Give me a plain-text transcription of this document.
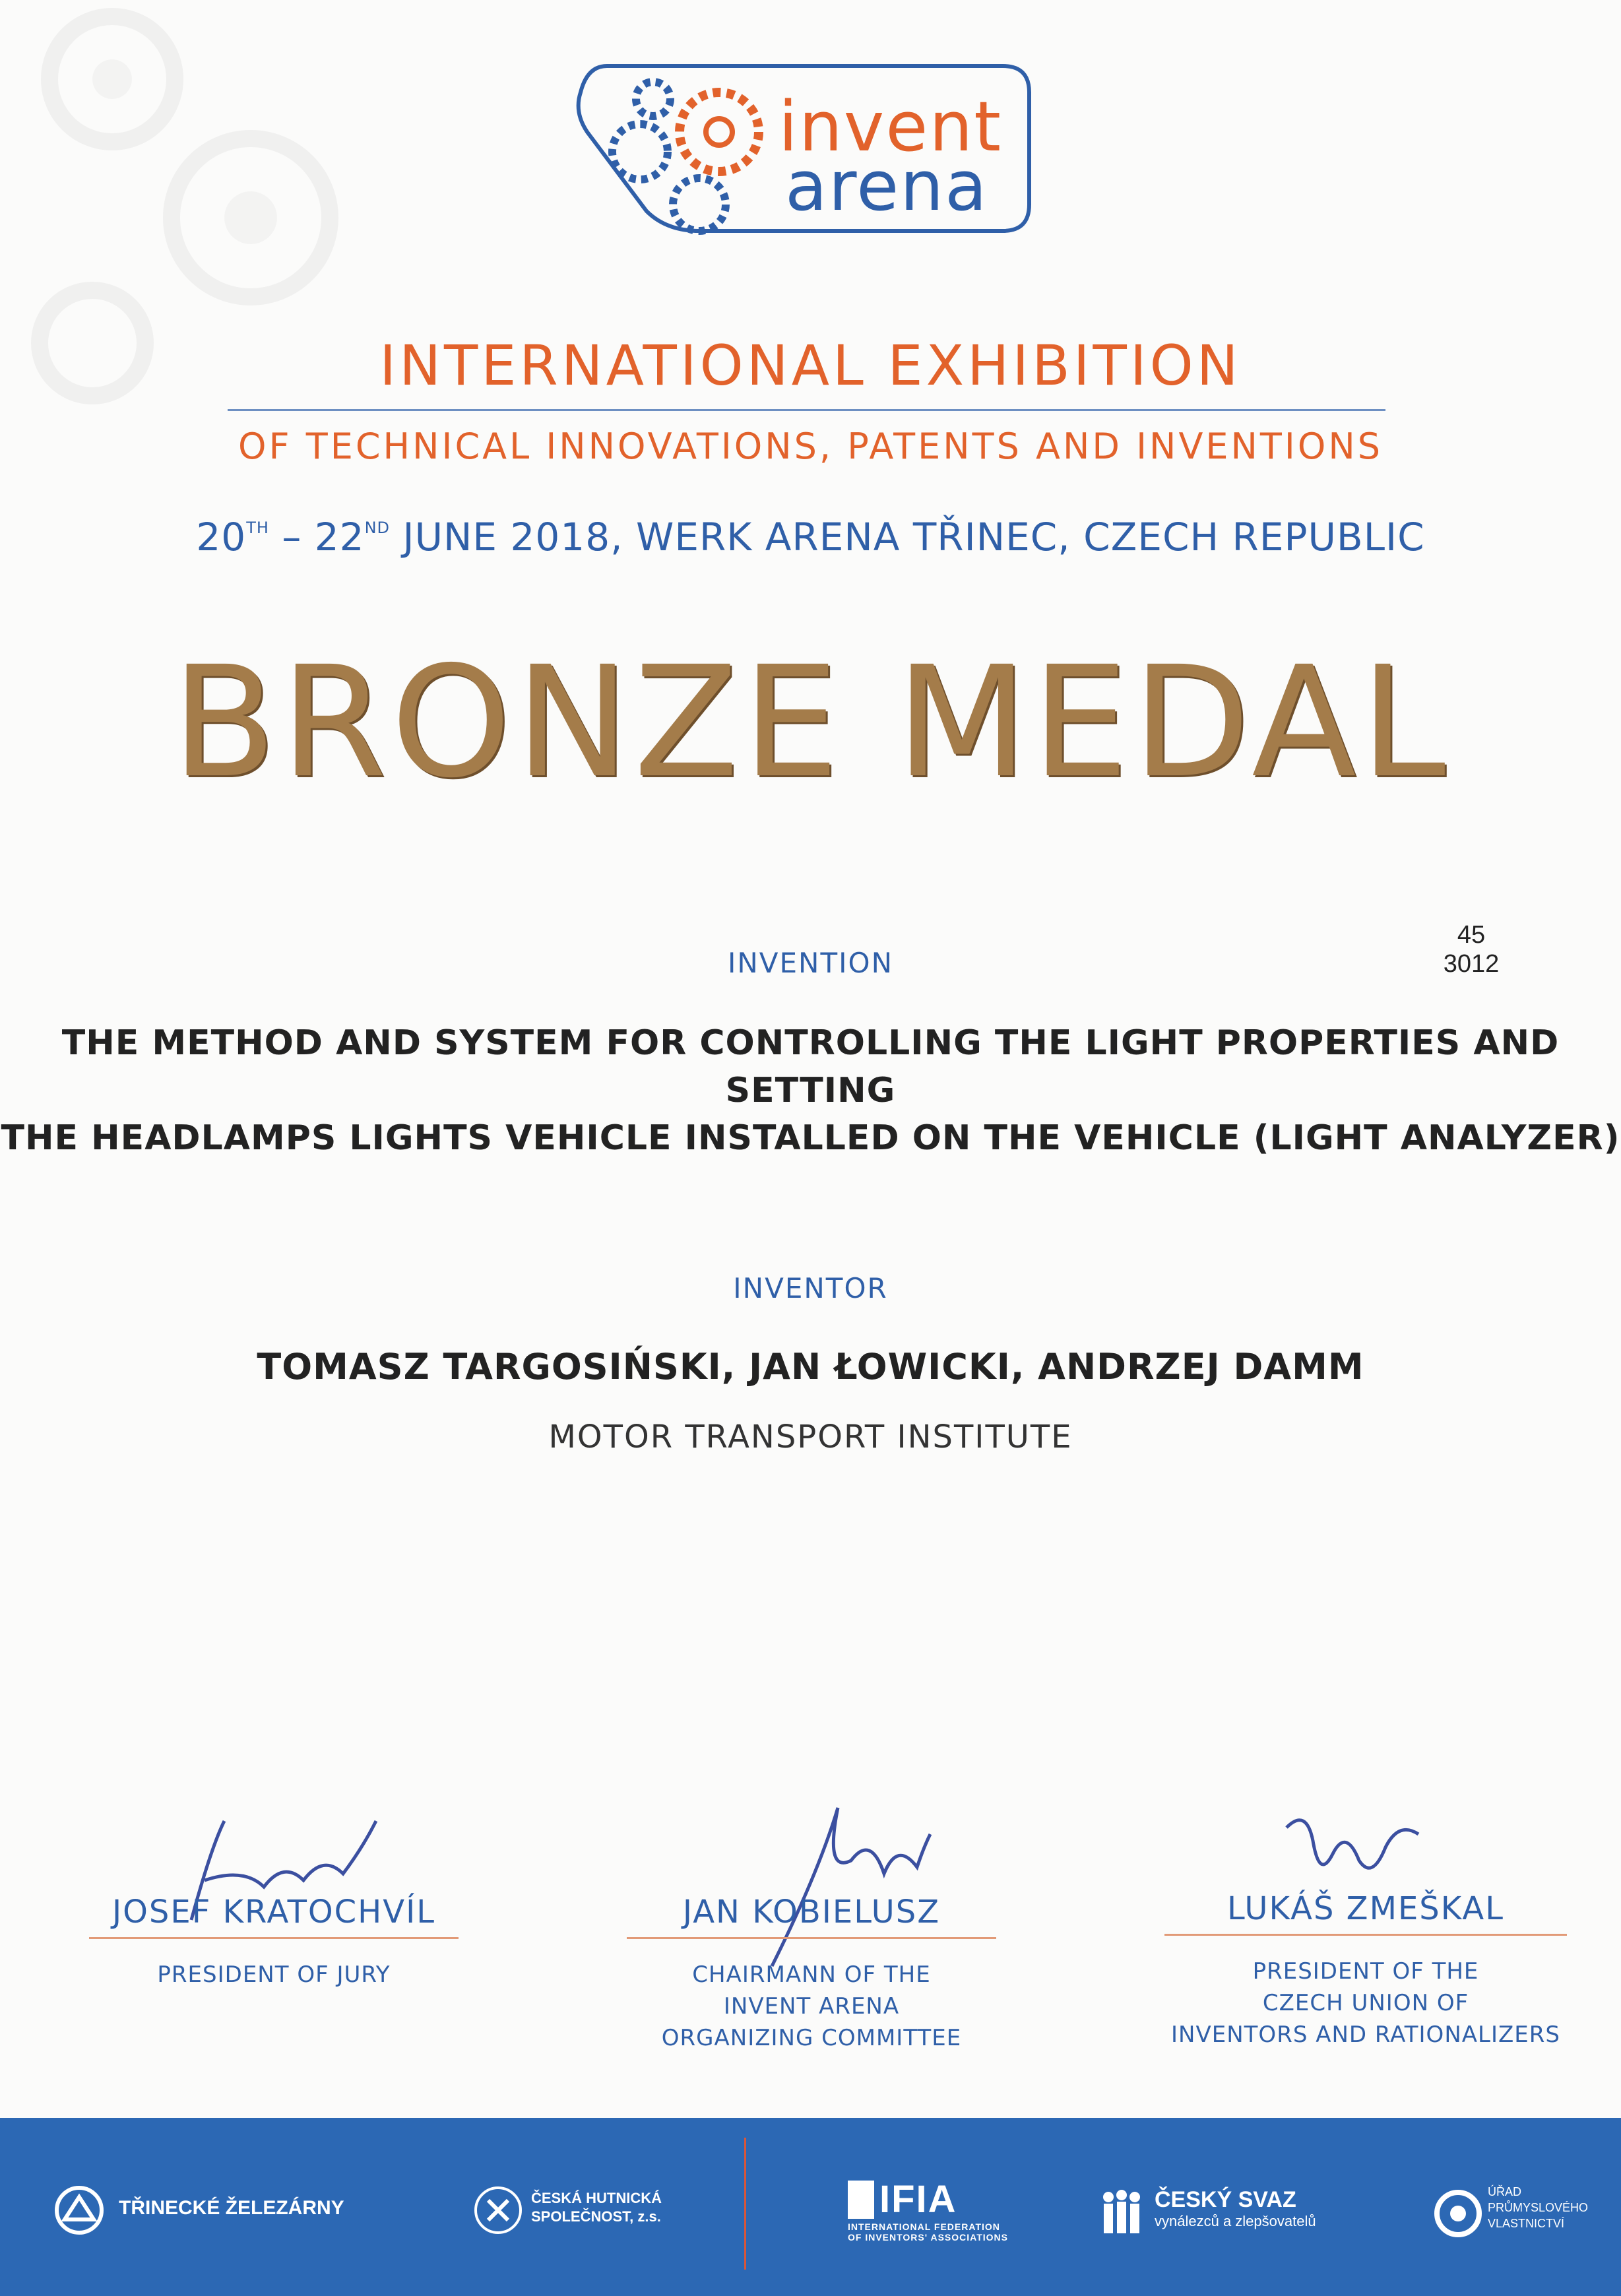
invent
arena
INTERNATIONAL EXHIBITION
OF TECHNICAL INNOVATIONS, PATENTS AND INVENTIONS
20TH – 22ND JUNE 2018, WERK ARENA TŘINEC, CZECH REPUBLIC
BRONZE MEDAL
INVENTION
45
3012
THE METHOD AND SYSTEM FOR CONTROLLING THE LIGHT PROPERTIES AND SETTING
THE HEADLAMPS LIGHTS VEHICLE INSTALLED ON THE VEHICLE (LIGHT ANALYZER)
INVENTOR
TOMASZ TARGOSIŃSKI, JAN ŁOWICKI, ANDRZEJ DAMM
MOTOR TRANSPORT INSTITUTE
JOSEF KRATOCHVÍL
PRESIDENT OF JURY
JAN KOBIELUSZ
CHAIRMANN OF THE
INVENT ARENA
ORGANIZING COMMITTEE
LUKÁŠ ZMEŠKAL
PRESIDENT OF THE
CZECH UNION OF
INVENTORS AND RATIONALIZERS
TŘINECKÉ ŽELEZÁRNY	ČESKÁ HUTNICKÁ
SPOLEČNOST, z.s.	IFIA
INTERNATIONAL FEDERATION
OF INVENTORS' ASSOCIATIONS
ČESKÝ SVAZ
vynálezců a zlepšovatelů
ÚŘAD
PRŮMYSLOVÉHO
VLASTNICTVÍ
